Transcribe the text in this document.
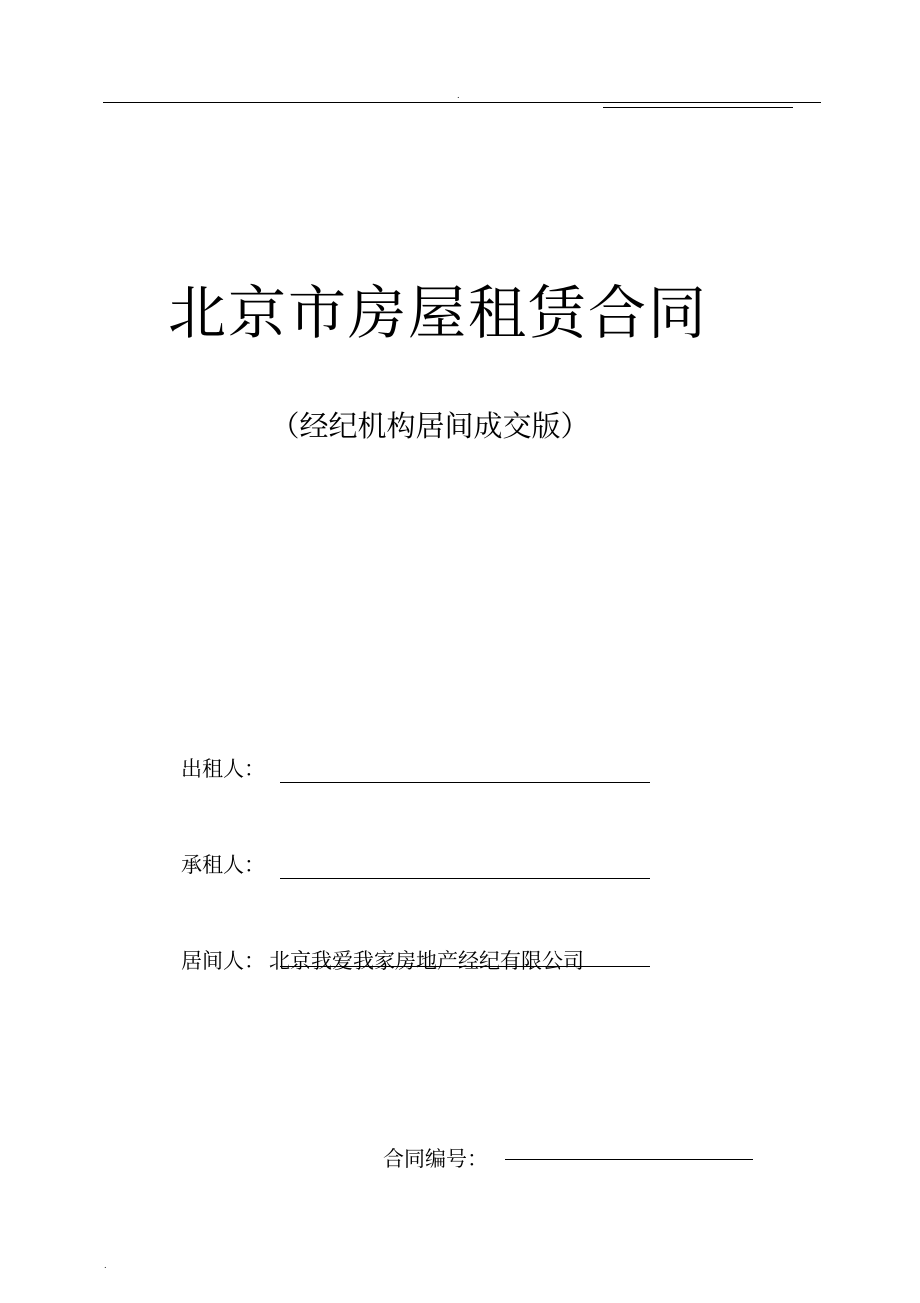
.
北京市房屋租赁合同
（经纪机构居间成交版）
出租人：
承租人：
居间人： 北京我爱我家房地产经纪有限公司
合同编号：
.
